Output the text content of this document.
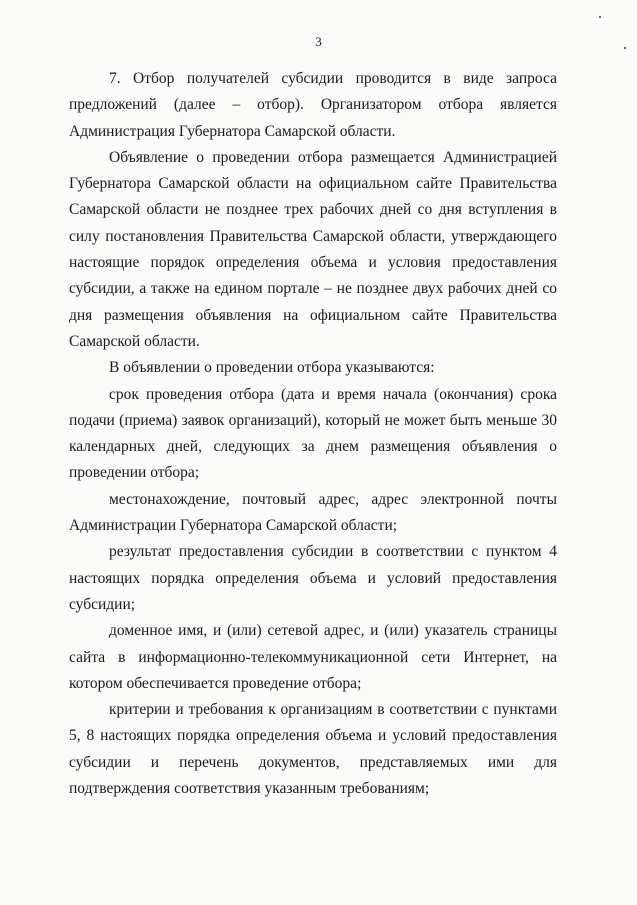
3

7. Отбор получателей субсидии проводится в виде запроса предложений (далее – отбор). Организатором отбора является Администрация Губернатора Самарской области.

Объявление о проведении отбора размещается Администрацией Губернатора Самарской области на официальном сайте Правительства Самарской области не позднее трех рабочих дней со дня вступления в силу постановления Правительства Самарской области, утверждающего настоящие порядок определения объема и условия предоставления субсидии, а также на едином портале – не позднее двух рабочих дней со дня размещения объявления на официальном сайте Правительства Самарской области.

В объявлении о проведении отбора указываются:

срок проведения отбора (дата и время начала (окончания) срока подачи (приема) заявок организаций), который не может быть меньше 30 календарных дней, следующих за днем размещения объявления о проведении отбора;

местонахождение, почтовый адрес, адрес электронной почты Администрации Губернатора Самарской области;

результат предоставления субсидии в соответствии с пунктом 4 настоящих порядка определения объема и условий предоставления субсидии;

доменное имя, и (или) сетевой адрес, и (или) указатель страницы сайта в информационно-телекоммуникационной сети Интернет, на котором обеспечивается проведение отбора;

критерии и требования к организациям в соответствии с пунктами 5, 8 настоящих порядка определения объема и условий предоставления субсидии и перечень документов, представляемых ими для подтверждения соответствия указанным требованиям;
